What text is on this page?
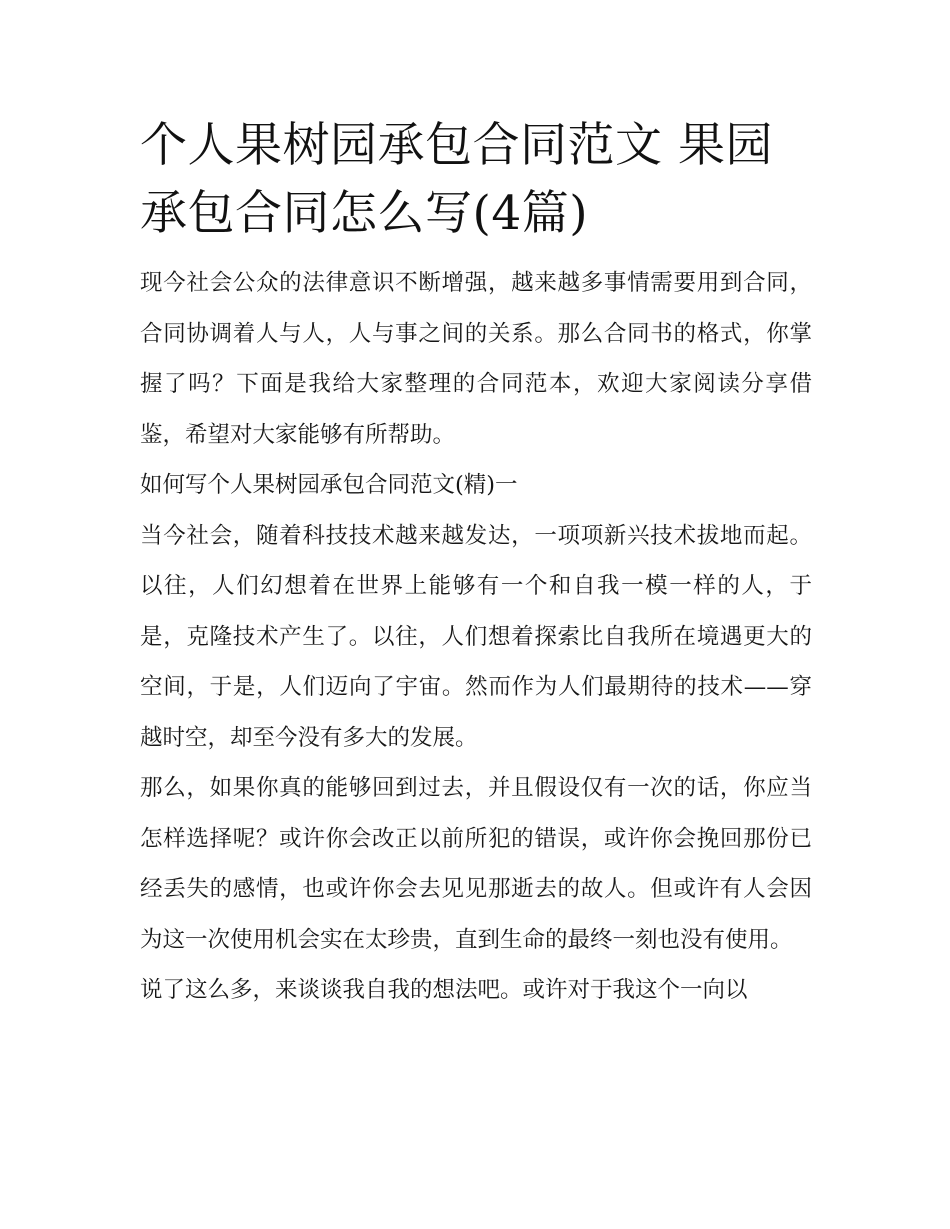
个人果树园承包合同范文 果园承包合同怎么写(4篇)

现今社会公众的法律意识不断增强，越来越多事情需要用到合同，合同协调着人与人，人与事之间的关系。那么合同书的格式，你掌握了吗？下面是我给大家整理的合同范本，欢迎大家阅读分享借鉴，希望对大家能够有所帮助。

如何写个人果树园承包合同范文(精)一

当今社会，随着科技技术越来越发达，一项项新兴技术拔地而起。以往，人们幻想着在世界上能够有一个和自我一模一样的人，于是，克隆技术产生了。以往，人们想着探索比自我所在境遇更大的空间，于是，人们迈向了宇宙。然而作为人们最期待的技术——穿越时空，却至今没有多大的发展。

那么，如果你真的能够回到过去，并且假设仅有一次的话，你应当怎样选择呢？或许你会改正以前所犯的错误，或许你会挽回那份已经丢失的感情，也或许你会去见见那逝去的故人。但或许有人会因为这一次使用机会实在太珍贵，直到生命的最终一刻也没有使用。

说了这么多，来谈谈我自我的想法吧。或许对于我这个一向以
